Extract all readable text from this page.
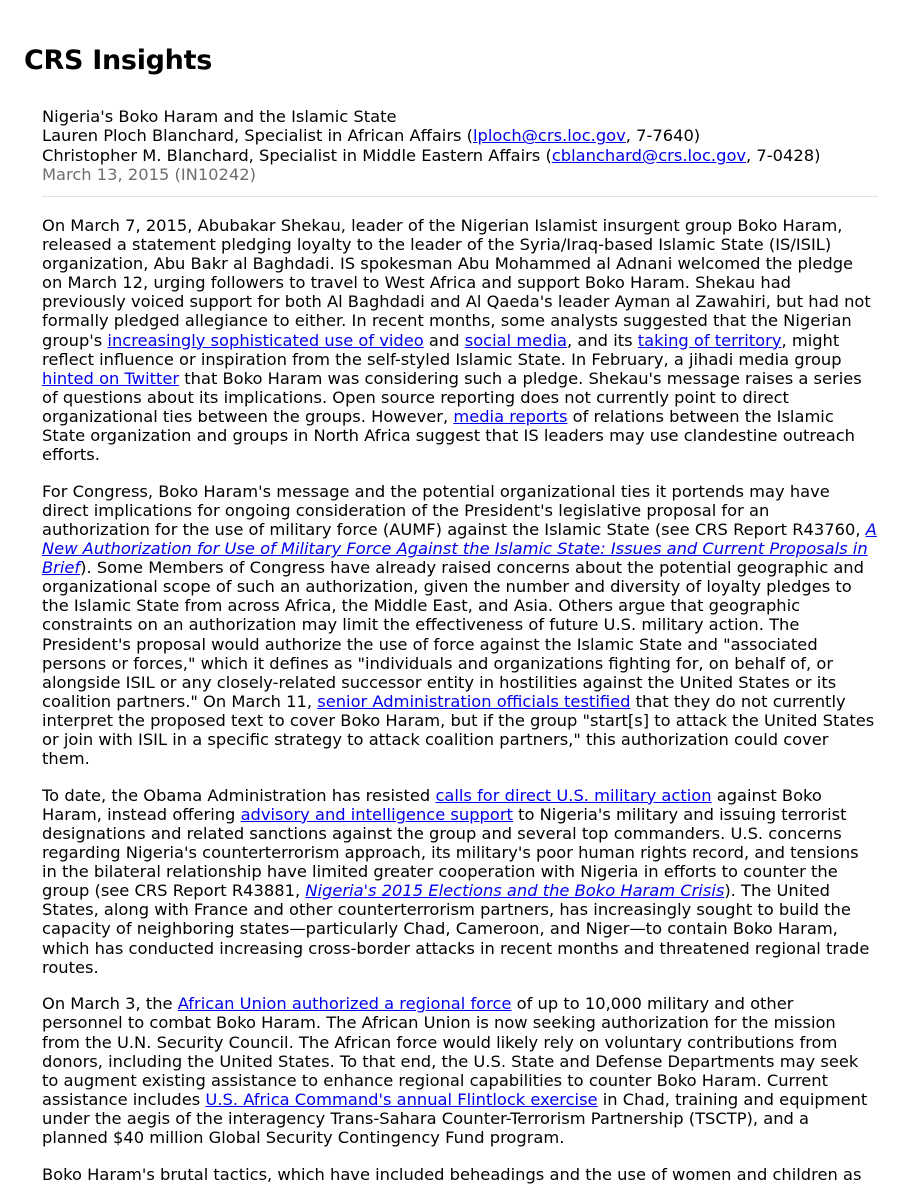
CRS Insights
Nigeria's Boko Haram and the Islamic State
Lauren Ploch Blanchard, Specialist in African Affairs (lploch@crs.loc.gov, 7-7640)
Christopher M. Blanchard, Specialist in Middle Eastern Affairs (cblanchard@crs.loc.gov, 7-0428)
March 13, 2015 (IN10242)

On March 7, 2015, Abubakar Shekau, leader of the Nigerian Islamist insurgent group Boko Haram, released a statement pledging loyalty to the leader of the Syria/Iraq-based Islamic State (IS/ISIL) organization, Abu Bakr al Baghdadi. IS spokesman Abu Mohammed al Adnani welcomed the pledge on March 12, urging followers to travel to West Africa and support Boko Haram. Shekau had previously voiced support for both Al Baghdadi and Al Qaeda's leader Ayman al Zawahiri, but had not formally pledged allegiance to either. In recent months, some analysts suggested that the Nigerian group's increasingly sophisticated use of video and social media, and its taking of territory, might reflect influence or inspiration from the self-styled Islamic State. In February, a jihadi media group hinted on Twitter that Boko Haram was considering such a pledge. Shekau's message raises a series of questions about its implications. Open source reporting does not currently point to direct organizational ties between the groups. However, media reports of relations between the Islamic State organization and groups in North Africa suggest that IS leaders may use clandestine outreach efforts.

For Congress, Boko Haram's message and the potential organizational ties it portends may have direct implications for ongoing consideration of the President's legislative proposal for an authorization for the use of military force (AUMF) against the Islamic State (see CRS Report R43760, A New Authorization for Use of Military Force Against the Islamic State: Issues and Current Proposals in Brief). Some Members of Congress have already raised concerns about the potential geographic and organizational scope of such an authorization, given the number and diversity of loyalty pledges to the Islamic State from across Africa, the Middle East, and Asia. Others argue that geographic constraints on an authorization may limit the effectiveness of future U.S. military action. The President's proposal would authorize the use of force against the Islamic State and "associated persons or forces," which it defines as "individuals and organizations fighting for, on behalf of, or alongside ISIL or any closely-related successor entity in hostilities against the United States or its coalition partners." On March 11, senior Administration officials testified that they do not currently interpret the proposed text to cover Boko Haram, but if the group "start[s] to attack the United States or join with ISIL in a specific strategy to attack coalition partners," this authorization could cover them.

To date, the Obama Administration has resisted calls for direct U.S. military action against Boko Haram, instead offering advisory and intelligence support to Nigeria's military and issuing terrorist designations and related sanctions against the group and several top commanders. U.S. concerns regarding Nigeria's counterterrorism approach, its military's poor human rights record, and tensions in the bilateral relationship have limited greater cooperation with Nigeria in efforts to counter the group (see CRS Report R43881, Nigeria's 2015 Elections and the Boko Haram Crisis). The United States, along with France and other counterterrorism partners, has increasingly sought to build the capacity of neighboring states—particularly Chad, Cameroon, and Niger—to contain Boko Haram, which has conducted increasing cross-border attacks in recent months and threatened regional trade routes.

On March 3, the African Union authorized a regional force of up to 10,000 military and other personnel to combat Boko Haram. The African Union is now seeking authorization for the mission from the U.N. Security Council. The African force would likely rely on voluntary contributions from donors, including the United States. To that end, the U.S. State and Defense Departments may seek to augment existing assistance to enhance regional capabilities to counter Boko Haram. Current assistance includes U.S. Africa Command's annual Flintlock exercise in Chad, training and equipment under the aegis of the interagency Trans-Sahara Counter-Terrorism Partnership (TSCTP), and a planned $40 million Global Security Contingency Fund program.

Boko Haram's brutal tactics, which have included beheadings and the use of women and children as
